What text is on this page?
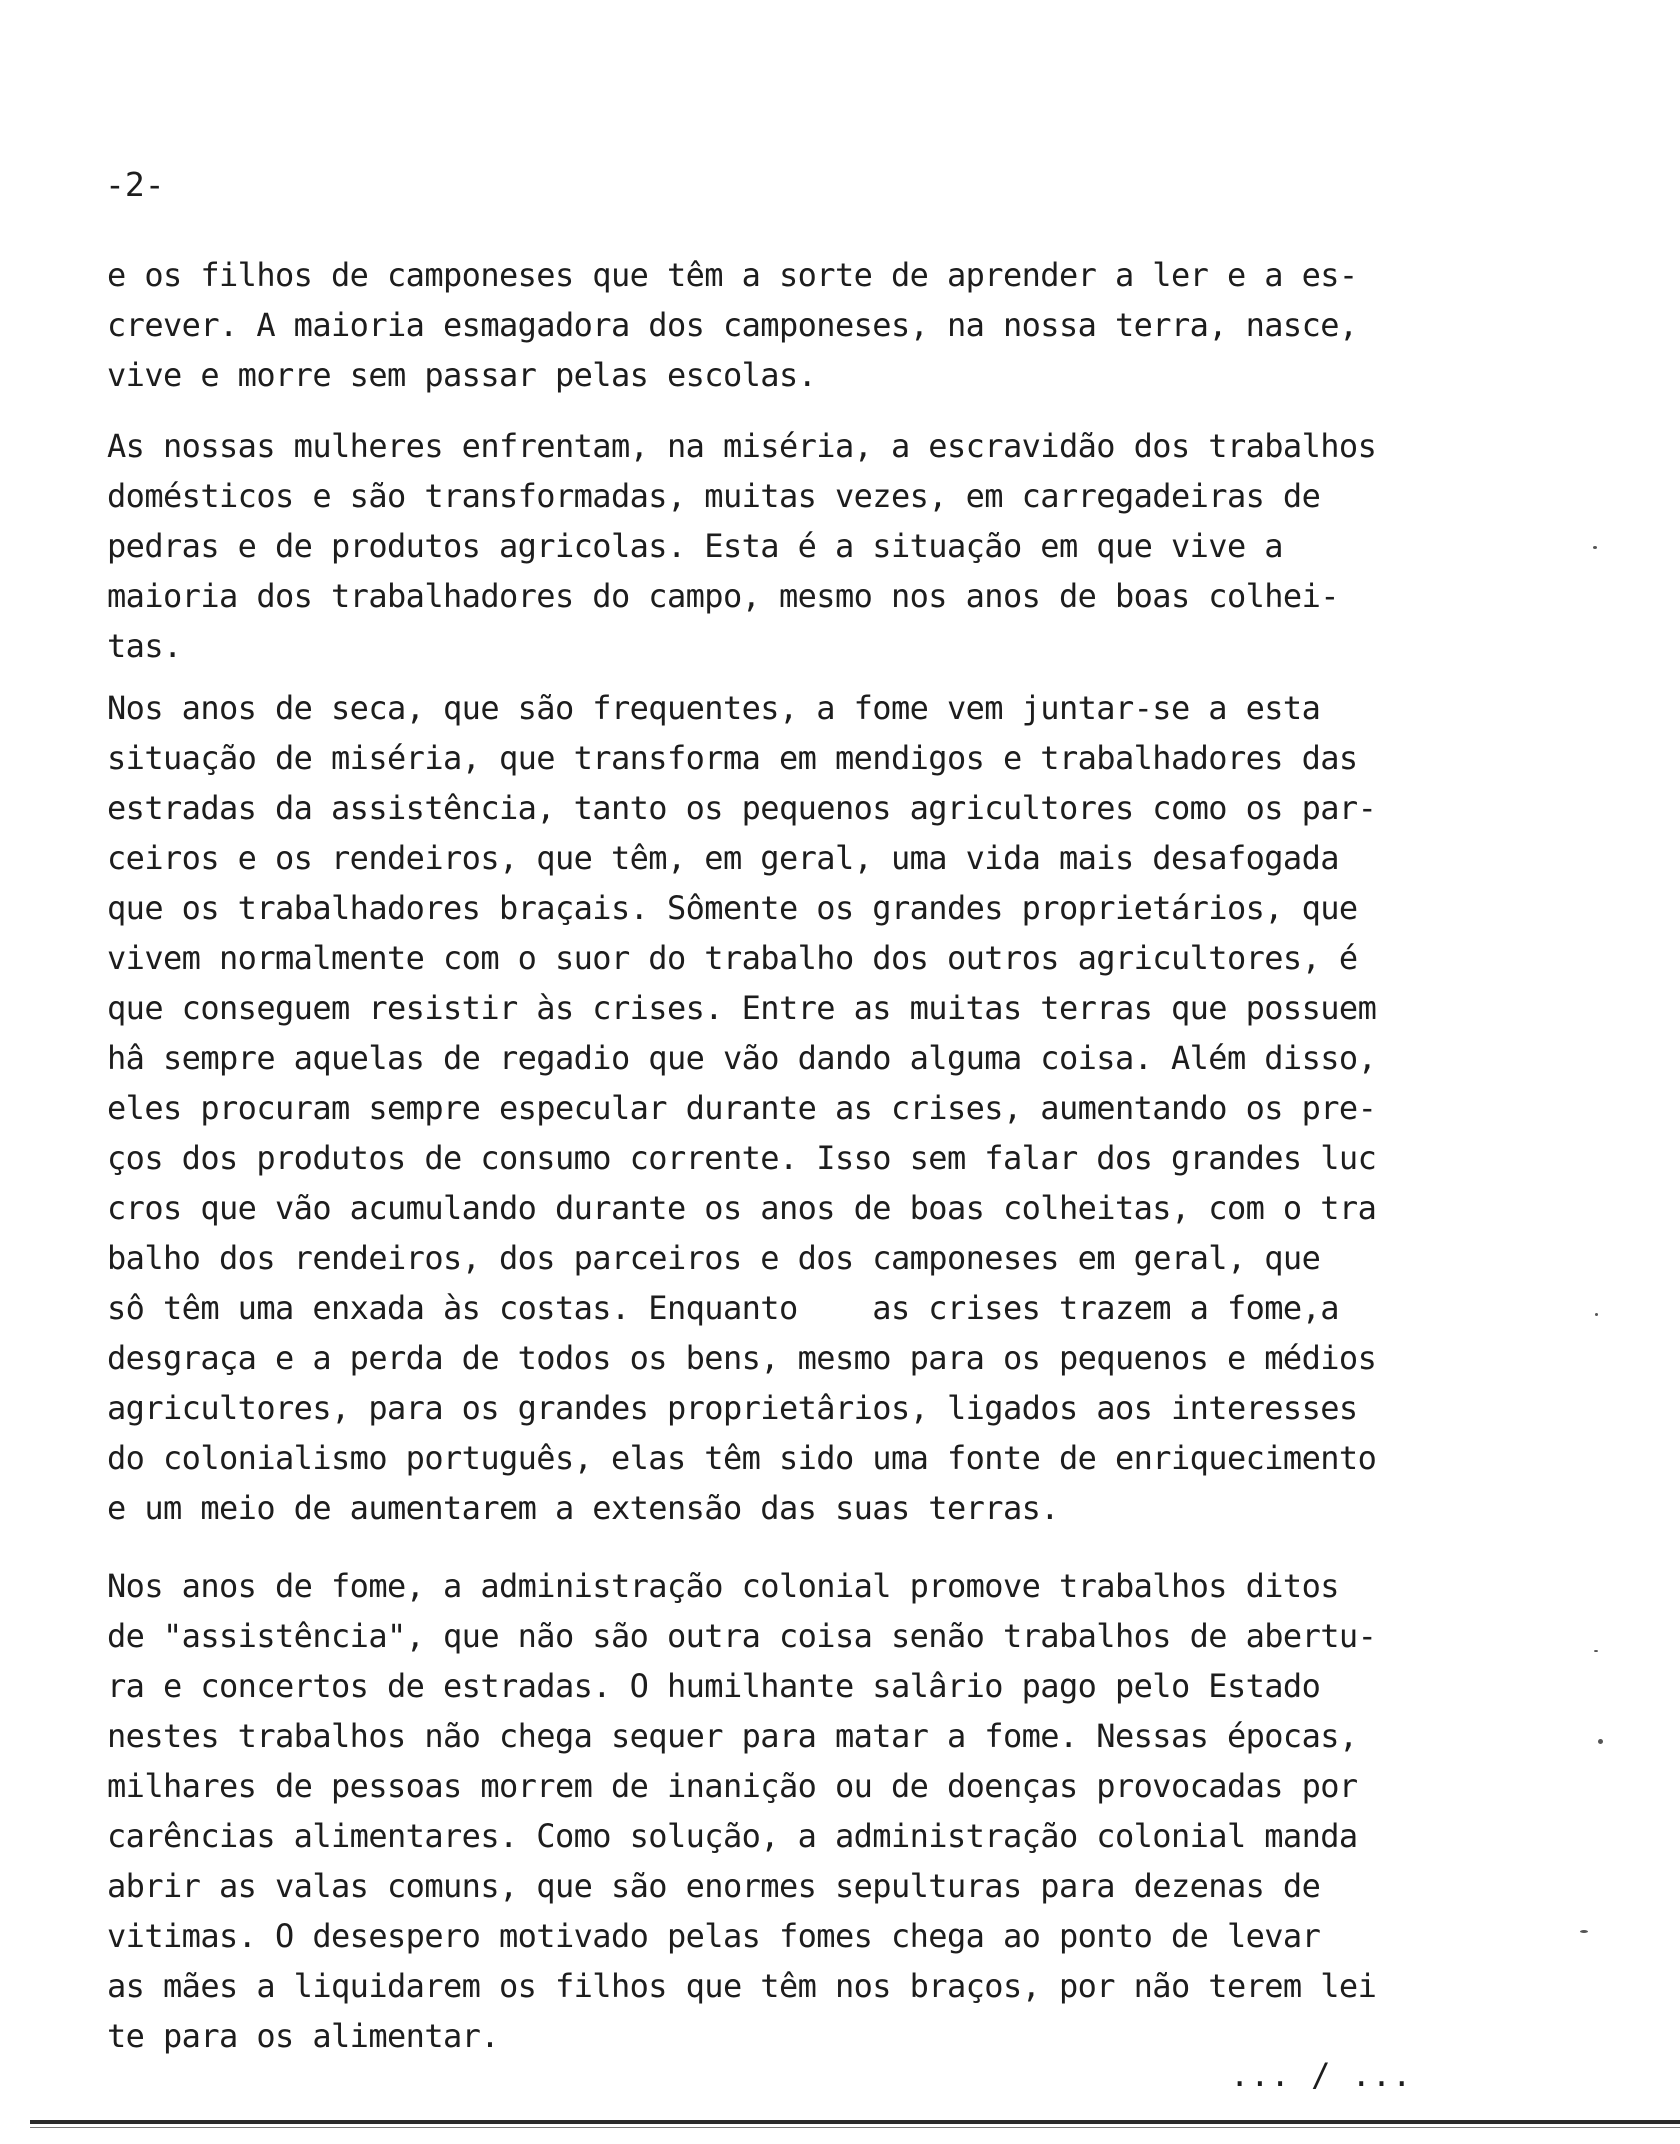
-2-
e os filhos de camponeses que têm a sorte de aprender a ler e a es-
crever. A maioria esmagadora dos camponeses, na nossa terra, nasce,
vive e morre sem passar pelas escolas.
As nossas mulheres enfrentam, na miséria, a escravidão dos trabalhos
domésticos e são transformadas, muitas vezes, em carregadeiras de
pedras e de produtos agricolas. Esta é a situação em que vive a
maioria dos trabalhadores do campo, mesmo nos anos de boas colhei-
tas.
Nos anos de seca, que são frequentes, a fome vem juntar-se a esta
situação de miséria, que transforma em mendigos e trabalhadores das
estradas da assistência, tanto os pequenos agricultores como os par-
ceiros e os rendeiros, que têm, em geral, uma vida mais desafogada
que os trabalhadores braçais. Sômente os grandes proprietários, que
vivem normalmente com o suor do trabalho dos outros agricultores, é
que conseguem resistir às crises. Entre as muitas terras que possuem
hâ sempre aquelas de regadio que vão dando alguma coisa. Além disso,
eles procuram sempre especular durante as crises, aumentando os pre-
ços dos produtos de consumo corrente. Isso sem falar dos grandes luc
cros que vão acumulando durante os anos de boas colheitas, com o tra
balho dos rendeiros, dos parceiros e dos camponeses em geral, que
sô têm uma enxada às costas. Enquanto    as crises trazem a fome,a
desgraça e a perda de todos os bens, mesmo para os pequenos e médios
agricultores, para os grandes proprietârios, ligados aos interesses
do colonialismo português, elas têm sido uma fonte de enriquecimento
e um meio de aumentarem a extensão das suas terras.
Nos anos de fome, a administração colonial promove trabalhos ditos
de "assistência", que não são outra coisa senão trabalhos de abertu-
ra e concertos de estradas. O humilhante salârio pago pelo Estado
nestes trabalhos não chega sequer para matar a fome. Nessas épocas,
milhares de pessoas morrem de inanição ou de doenças provocadas por
carências alimentares. Como solução, a administração colonial manda
abrir as valas comuns, que são enormes sepulturas para dezenas de
vitimas. O desespero motivado pelas fomes chega ao ponto de levar
as mães a liquidarem os filhos que têm nos braços, por não terem lei
te para os alimentar.
... / ...
